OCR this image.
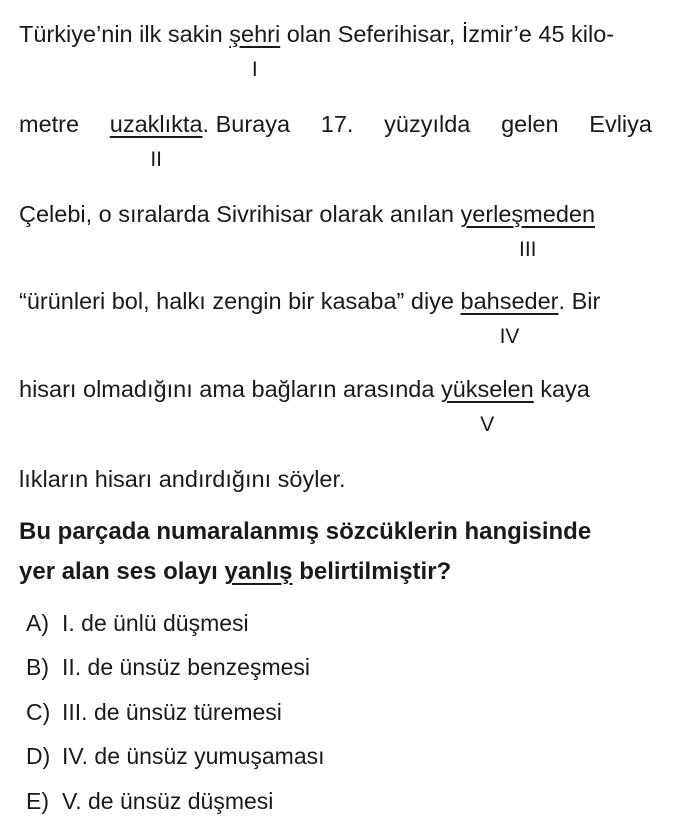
Türkiye’nin ilk sakin şehri
I
olan Seferihisar, İzmir’e 45 kilo-
metre uzaklıkta
II
. Buraya 17. yüzyılda gelen Evliya
Çelebi, o sıralarda Sivrihisar olarak anılan yerleşmeden
III
“ürünleri bol, halkı zengin bir kasaba” diye bahseder
IV
. Bir
hisarı olmadığını ama bağların arasında yükselen
V
kaya
lıkların hisarı andırdığını söyler.
Bu parçada numaralanmış sözcüklerin hangisinde
yer alan ses olayı yanlış belirtilmiştir?
A) I. de ünlü düşmesi
B) II. de ünsüz benzeşmesi
C) III. de ünsüz türemesi
D) IV. de ünsüz yumuşaması
E) V. de ünsüz düşmesi
